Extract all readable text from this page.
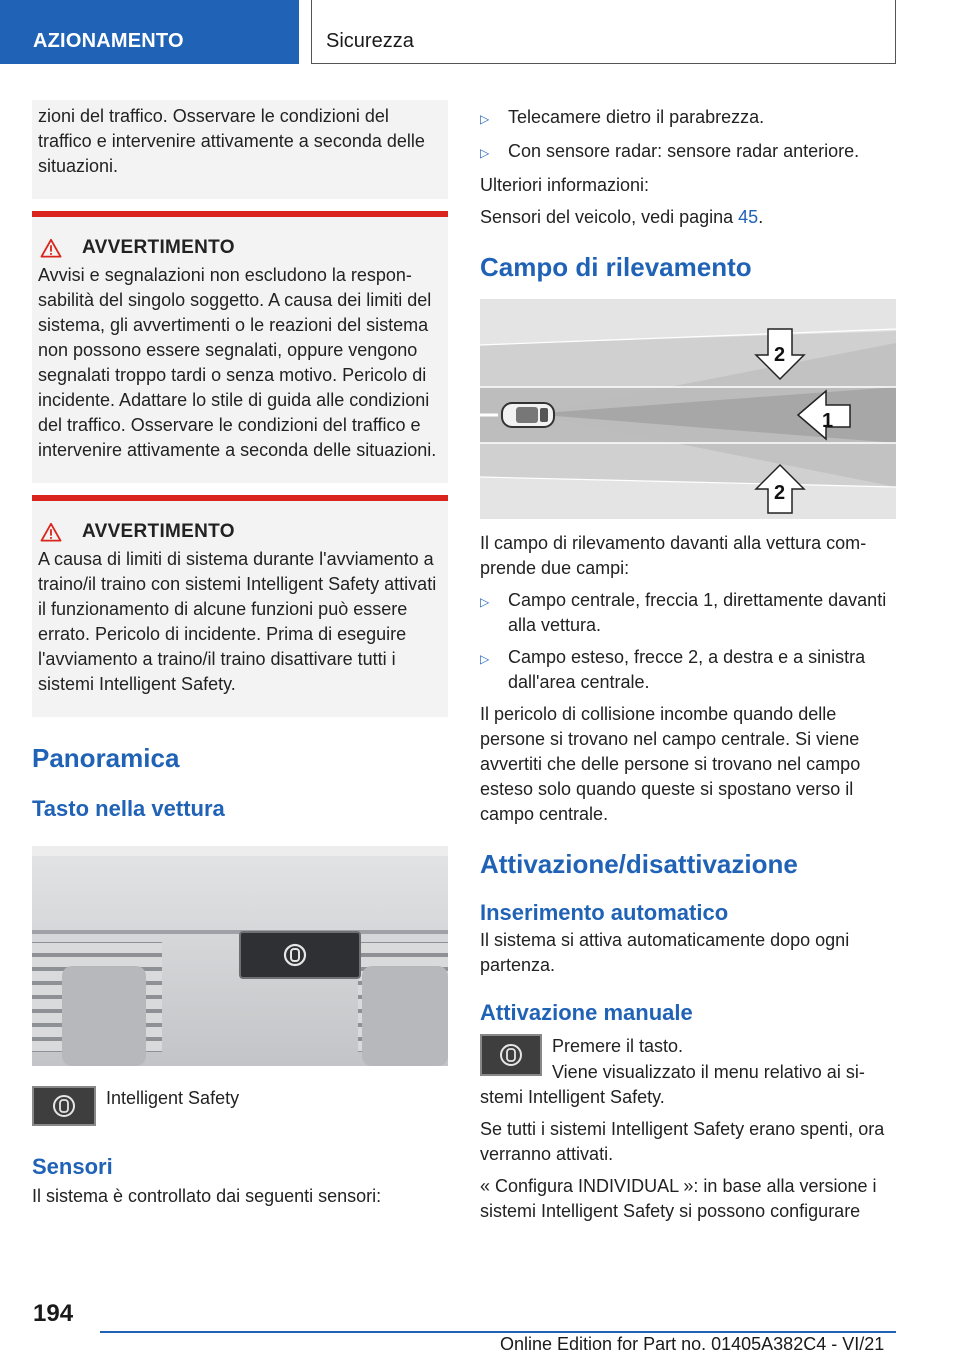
AZIONAMENTO	Sicurezza
zioni del traffico. Osservare le condizioni del traffico e intervenire attivamente a seconda delle situazioni.
AVVERTIMENTO
Avvisi e segnalazioni non escludono la responsabilità del singolo soggetto. A causa dei limiti del sistema, gli avvertimenti o le reazioni del sistema non possono essere segnalati, oppure vengono segnalati troppo tardi o senza motivo. Pericolo di incidente. Adattare lo stile di guida alle condizioni del traffico. Osservare le condizioni del traffico e intervenire attivamente a seconda delle situazioni.
AVVERTIMENTO
A causa di limiti di sistema durante l'avviamento a traino/il traino con sistemi Intelligent Safety attivati il funzionamento di alcune funzioni può essere errato. Pericolo di incidente. Prima di eseguire l'avviamento a traino/il traino disattivare tutti i sistemi Intelligent Safety.
Panoramica
Tasto nella vettura
Intelligent Safety
Sensori
Il sistema è controllato dai seguenti sensori:
▷	Telecamere dietro il parabrezza.
▷	Con sensore radar: sensore radar anteriore.
Ulteriori informazioni:
Sensori del veicolo, vedi pagina 45.
Campo di rilevamento
1
2
2
Il campo di rilevamento davanti alla vettura comprende due campi:
▷	Campo centrale, freccia 1, direttamente davanti alla vettura.
▷	Campo esteso, frecce 2, a destra e a sinistra dall'area centrale.
Il pericolo di collisione incombe quando delle persone si trovano nel campo centrale. Si viene avvertiti che delle persone si trovano nel campo esteso solo quando queste si spostano verso il campo centrale.
Attivazione/disattivazione
Inserimento automatico
Il sistema si attiva automaticamente dopo ogni partenza.
Attivazione manuale
Premere il tasto.
Viene visualizzato il menu relativo ai sistemi Intelligent Safety.
Se tutti i sistemi Intelligent Safety erano spenti, ora verranno attivati.
« Configura INDIVIDUAL »: in base alla versione i sistemi Intelligent Safety si possono configurare
194
Online Edition for Part no. 01405A382C4 - VI/21
